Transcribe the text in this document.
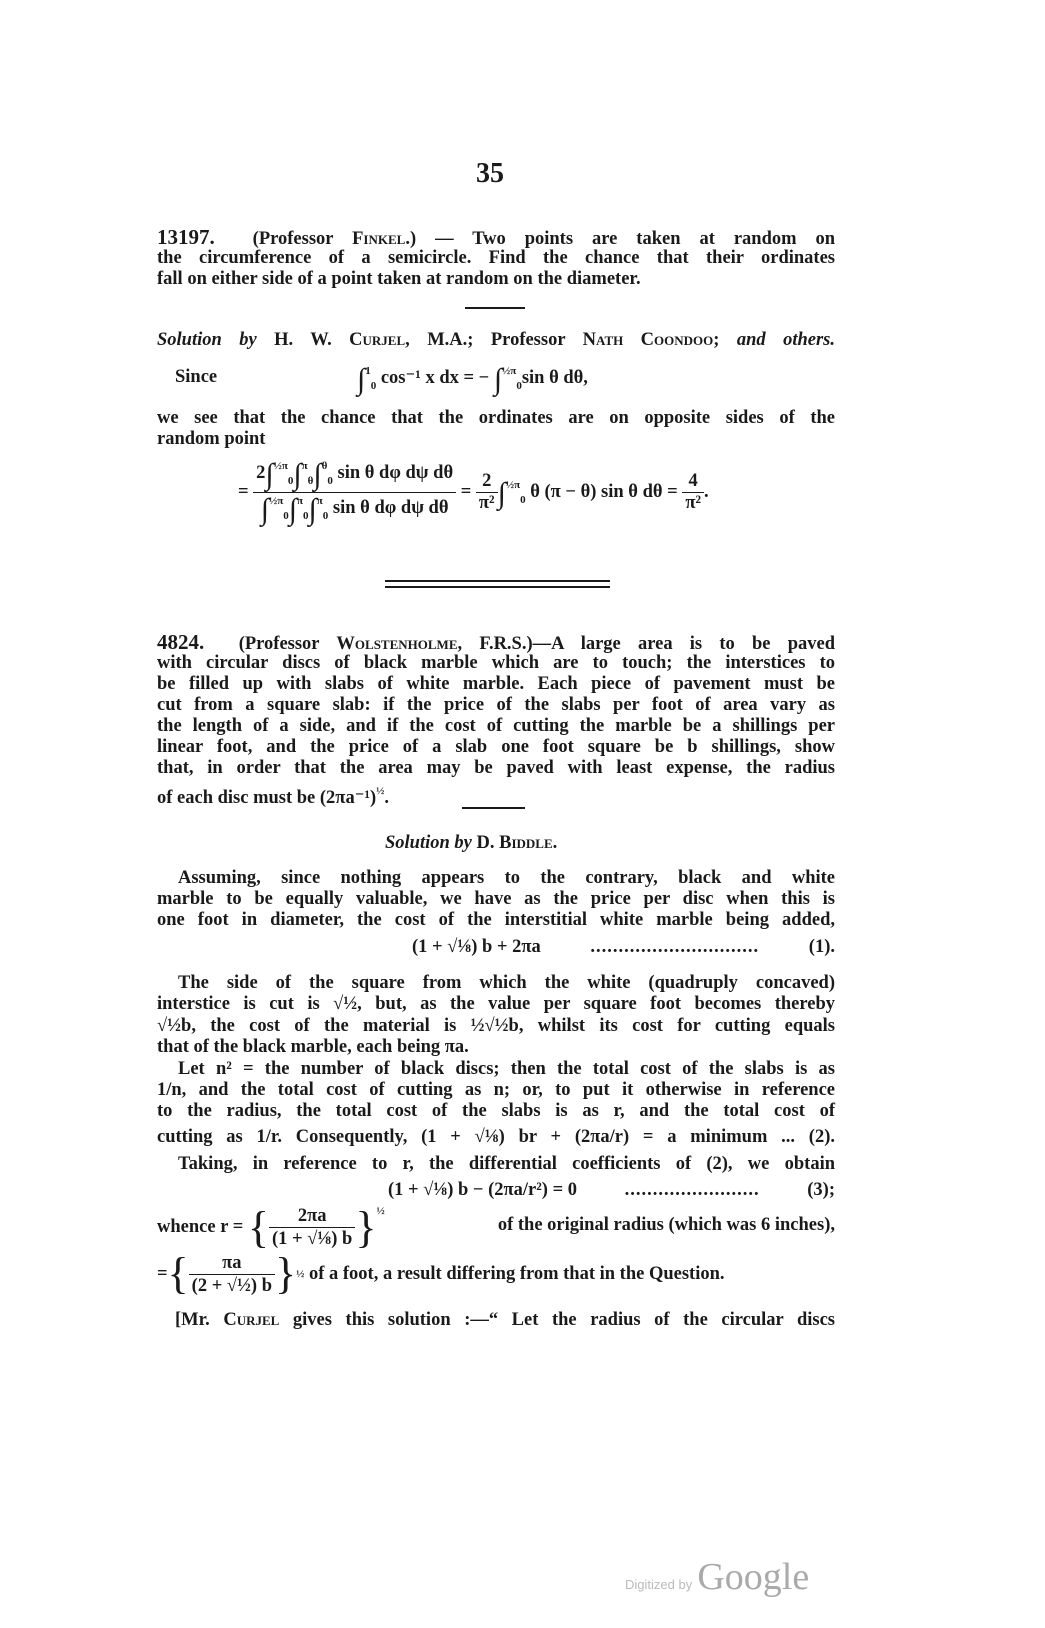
35
13197. (Professor Finkel.) — Two points are taken at random on
the circumference of a semicircle. Find the chance that their ordinates
fall on either side of a point taken at random on the diameter.
Solution by H. W. Curjel, M.A.; Professor Nath Coondoo; and others.
Since	∫$^1_0$ cos⁻¹ x dx = − ∫$^{\frac{1}{2}\pi}_0$sin θ dθ,
we see that the chance that the ordinates are on opposite sides of the
random point
= $\frac{2\int^{\frac{1}{2}\pi}_0\int^\pi_\theta\int^\theta_0 \sin \theta d\varphi d\psi d\theta}{\int^{\frac{1}{2}\pi}_0\int^\pi_0\int^\pi_0 \sin \theta d\varphi d\psi d\theta} = \frac{2}{\text{π²}} \int^{\frac{1}{2}\pi}_0$ θ (π − θ) sin θ $d\theta = \frac{4}{\text{π²}}$ .
4824. (Professor Wolstenholme, F.R.S.)—A large area is to be paved
with circular discs of black marble which are to touch; the interstices to
be filled up with slabs of white marble. Each piece of pavement must be
cut from a square slab: if the price of the slabs per foot of area vary as
the length of a side, and if the cost of cutting the marble be a shillings per
linear foot, and the price of a slab one foot square be b shillings, show
that, in order that the area may be paved with least expense, the radius
of each disc must be $(2\pi a^{-1})^{\frac{1}{2}}$.
Solution by D. Biddle.
Assuming, since nothing appears to the contrary, black and white
marble to be equally valuable, we have as the price per disc when this is
one foot in diameter, the cost of the interstitial white marble being added,
(1 + √⅛) b + 2πa	..............................	(1).
The side of the square from which the white (quadruply concaved)
interstice is cut is √½, but, as the value per square foot becomes thereby
√½b, the cost of the material is ½√½b, whilst its cost for cutting equals
that of the black marble, each being πa.
Let n² = the number of black discs; then the total cost of the slabs is as
1/n, and the total cost of cutting as n; or, to put it otherwise in reference
to the radius, the total cost of the slabs is as r, and the total cost of
cutting as 1/r. Consequently, (1 + √⅛) br + (2πa/r) = a minimum ... (2).
Taking, in reference to r, the differential coefficients of (2), we obtain
(1 + √⅛) b − (2πa/r²) = 0	........................	(3);
whence r = { $\frac{2\pi a}{\text{(1 + √⅛) b}} \}^{\frac{1}{2}}$
of the original radius (which was 6 inches),
= { $\frac{\pi a}{\text{(2 + √½) b}}$ } ½
of a foot, a result differing from that in the Question.
[Mr. Curjel gives this solution :—“ Let the radius of the circular discs
Digitized by Google
